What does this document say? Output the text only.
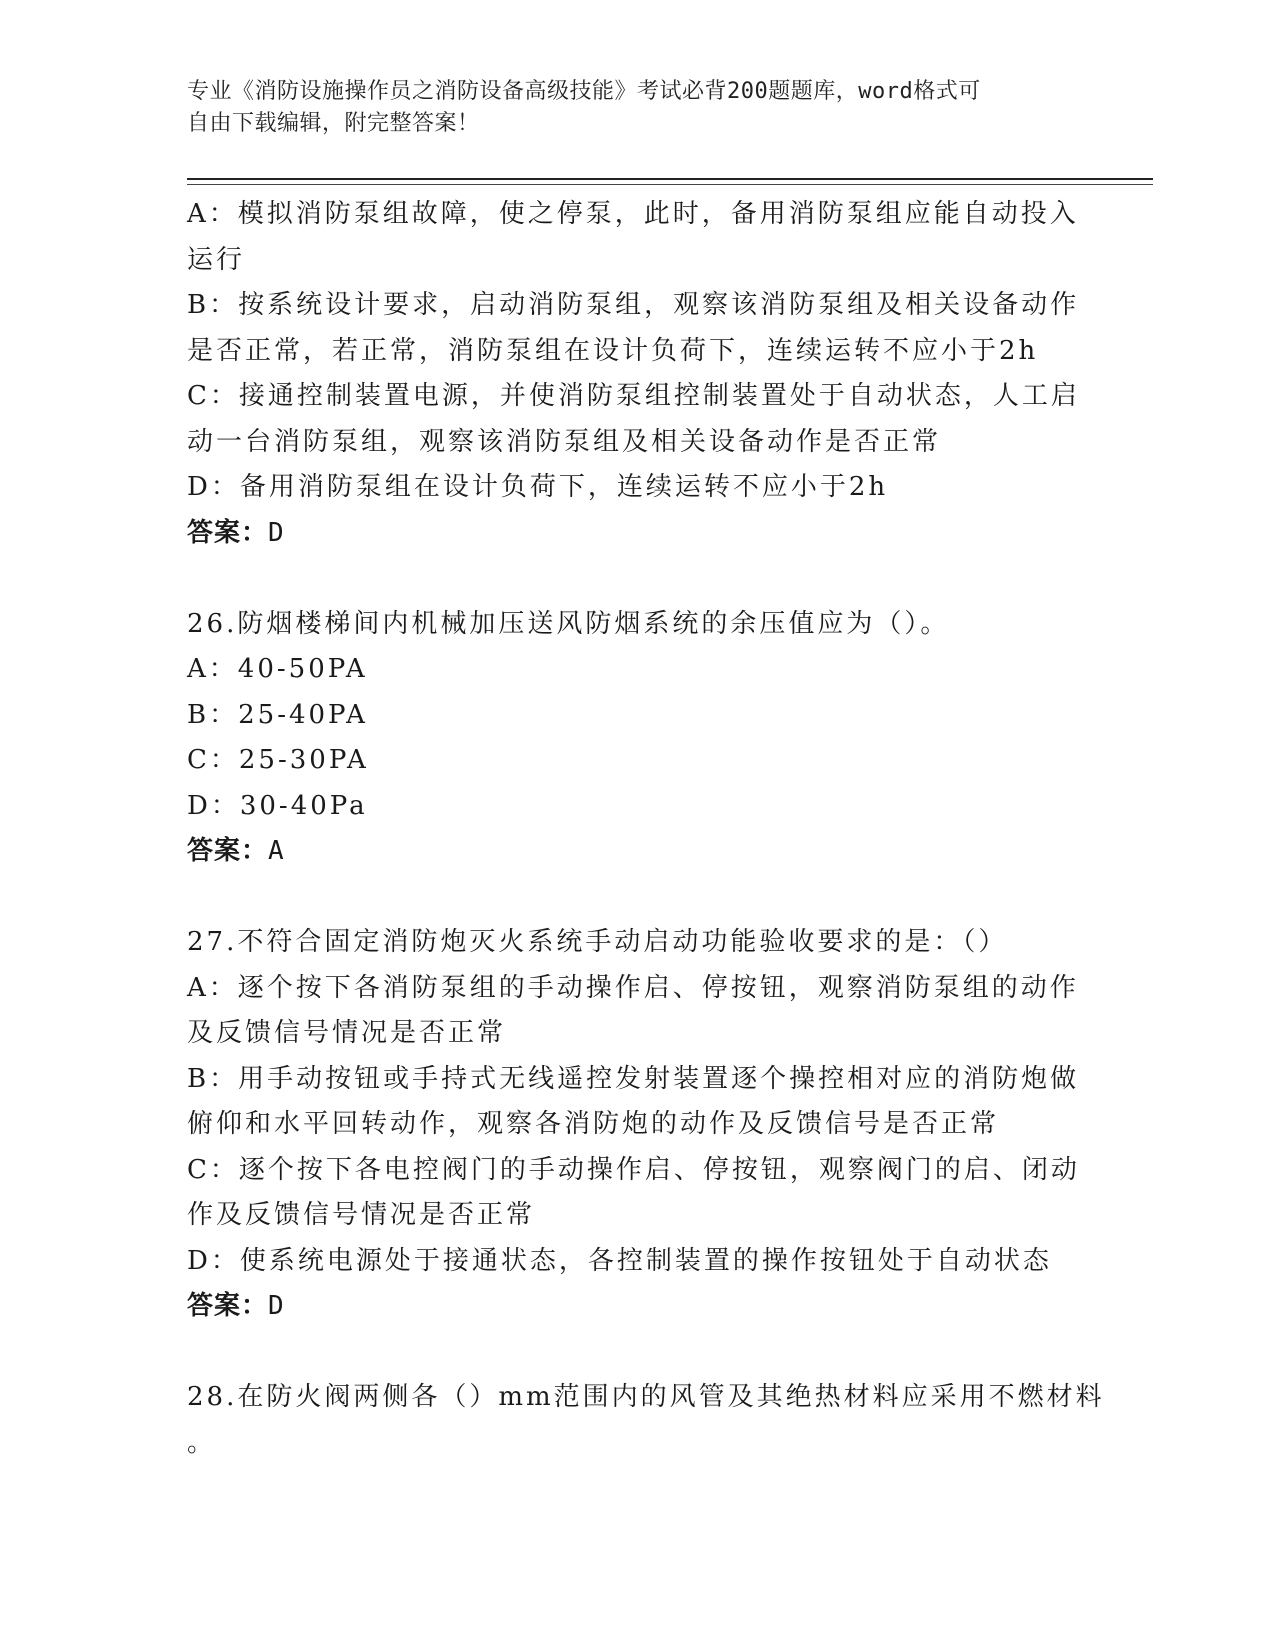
专业《消防设施操作员之消防设备高级技能》考试必背200题题库，word格式可
自由下载编辑，附完整答案！
A：模拟消防泵组故障，使之停泵，此时，备用消防泵组应能自动投入
运行
B：按系统设计要求，启动消防泵组，观察该消防泵组及相关设备动作
是否正常，若正常，消防泵组在设计负荷下，连续运转不应小于2h
C：接通控制装置电源，并使消防泵组控制装置处于自动状态，人工启
动一台消防泵组，观察该消防泵组及相关设备动作是否正常
D：备用消防泵组在设计负荷下，连续运转不应小于2h
答案：D
26.防烟楼梯间内机械加压送风防烟系统的余压值应为（）。
A：40-50PA
B：25-40PA
C：25-30PA
D：30-40Pa
答案：A
27.不符合固定消防炮灭火系统手动启动功能验收要求的是：（）
A：逐个按下各消防泵组的手动操作启、停按钮，观察消防泵组的动作
及反馈信号情况是否正常
B：用手动按钮或手持式无线遥控发射装置逐个操控相对应的消防炮做
俯仰和水平回转动作，观察各消防炮的动作及反馈信号是否正常
C：逐个按下各电控阀门的手动操作启、停按钮，观察阀门的启、闭动
作及反馈信号情况是否正常
D：使系统电源处于接通状态，各控制装置的操作按钮处于自动状态
答案：D
28.在防火阀两侧各（）mm范围内的风管及其绝热材料应采用不燃材料
。
